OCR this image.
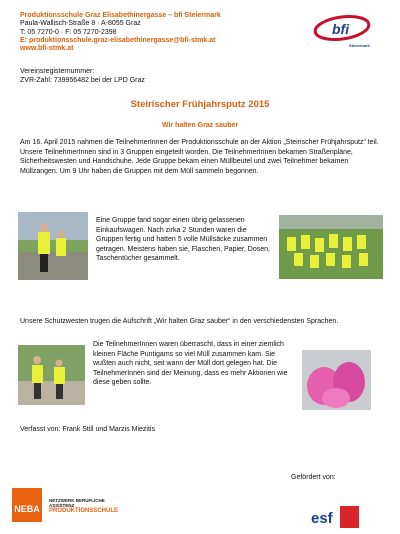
Produktionsschule Graz Elisabethinergasse – bfi Steiermark
Paula-Wallisch-Straße 8 · A-8055 Graz
T: 05 7270-0 · F: 05 7270-2398
E: produktionsschule.graz-elisabethinergasse@bfi-stmk.at
www.bfi-stmk.at
bfi
Steiermark
Vereinsregisternummer:
ZVR-Zahl: 739956482 bei der LPD Graz
Steirischer Frühjahrsputz 2015
Wir halten Graz sauber
Am 16. April 2015 nahmen die TeilnehmerInnen der Produktionsschule an der Aktion „Steirischer Frühjahrsputz“ teil. Unsere TeilnehmerInnen sind in 3 Gruppen eingeteilt worden. Die TeilnehmerInnen bekamen Straßenpläne, Sicherheitswesten und Handschuhe. Jede Gruppe bekam einen Müllbeutel und zwei Teilnehmer bekamen Müllzangen. Um 9 Uhr haben die Gruppen mit dem Müll sammeln begonnen.
Eine Gruppe fand sogar einen übrig gelassenen Einkaufswagen. Nach zirka 2 Stunden waren die Gruppen fertig und hatten 5 volle Müllsäcke zusammen getragen. Meistens haben sie, Flaschen, Papier, Dosen, Taschentücher gesammelt.
Unsere Schutzwesten trugen die Aufschrift „Wir halten Graz sauber“ in den verschiedensten Sprachen.
Die TeilnehmerInnen waren überrascht, dass in einer ziemlich kleinen Fläche Puntigams so viel Müll zusammen kam. Sie wußten auch nicht, seit wann der Müll dort gelegen hat. Die TeilnehmerInnen sind der Meinung, dass es mehr Aktionen wie diese geben sollte.
Verfasst von: Frank Still und Marzis Miezitis
Gefördert von:
NEBA
NETZWERK BERUFLICHE
ASSISTENZ
PRODUKTIONSSCHULE	esf
